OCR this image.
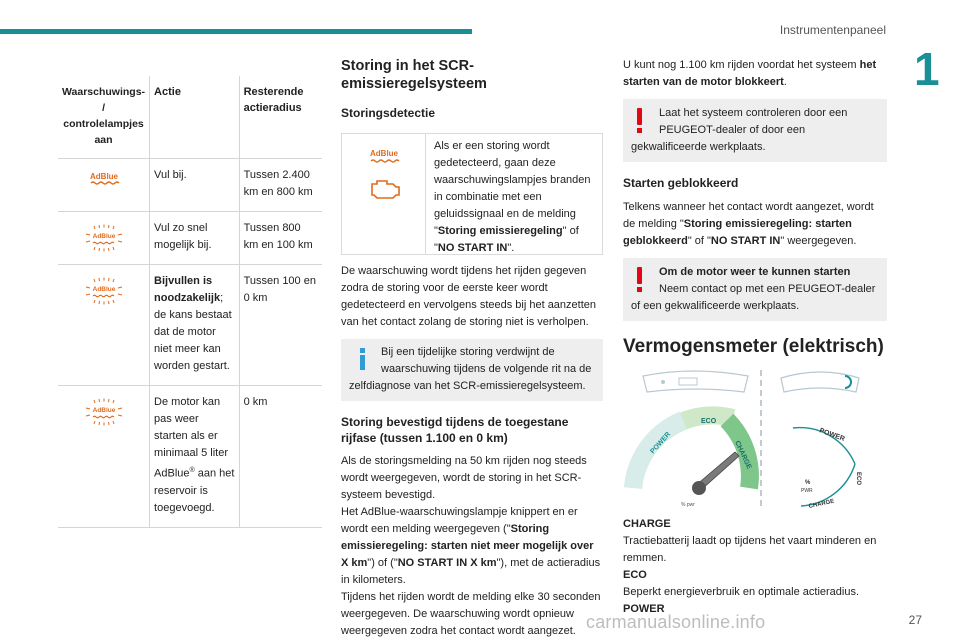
Instrumentenpaneel
1
Waarschuwings- / controlelampjes aan	Actie	Resterende actieradius

AdBlue	Vul bij.	Tussen 2.400 km en 800 km

AdBlue	Vul zo snel mogelijk bij.	Tussen 800 km en 100 km

AdBlue	Bijvullen is noodzakelijk; de kans bestaat dat de motor niet meer kan worden gestart.	Tussen 100 en 0 km

AdBlue	De motor kan pas weer starten als er minimaal 5 liter AdBlue® aan het reservoir is toegevoegd.	0 km
Storing in het SCR-emissieregelsysteem
Storingsdetectie
AdBlue
Als er een storing wordt gedetecteerd, gaan deze waarschuwingslampjes branden in combinatie met een geluidssignaal en de melding "Storing emissieregeling" of "NO START IN".
De waarschuwing wordt tijdens het rijden gegeven zodra de storing voor de eerste keer wordt gedetecteerd en vervolgens steeds bij het aanzetten van het contact zolang de storing niet is verholpen.
Bij een tijdelijke storing verdwijnt de waarschuwing tijdens de volgende rit na de zelfdiagnose van het SCR-emissieregelsysteem.
Storing bevestigd tijdens de toegestane rijfase (tussen 1.100 en 0 km)
Als de storingsmelding na 50 km rijden nog steeds wordt weergegeven, wordt de storing in het SCR-systeem bevestigd.
Het AdBlue-waarschuwingslampje knippert en er wordt een melding weergegeven ("Storing emissieregeling: starten niet meer mogelijk over X km") of ("NO START IN X km"), met de actieradius in kilometers.
Tijdens het rijden wordt de melding elke 30 seconden weergegeven. De waarschuwing wordt opnieuw weergegeven zodra het contact wordt aangezet.
U kunt nog 1.100 km rijden voordat het systeem het starten van de motor blokkeert.
Laat het systeem controleren door een PEUGEOT-dealer of door een gekwalificeerde werkplaats.
Starten geblokkeerd
Telkens wanneer het contact wordt aangezet, wordt de melding "Storing emissieregeling: starten geblokkeerd" of "NO START IN" weergegeven.
Om de motor weer te kunnen starten
Neem contact op met een PEUGEOT-dealer of een gekwalificeerde werkplaats.
Vermogensmeter (elektrisch)
POWER
ECO
CHARGE
% pwr
POWER
ECO
CHARGE
%
PWR
CHARGE
Tractiebatterij laadt op tijdens het vaart minderen en remmen.
ECO
Beperkt energieverbruik en optimale actieradius.
POWER
carmanualsonline.info	27
